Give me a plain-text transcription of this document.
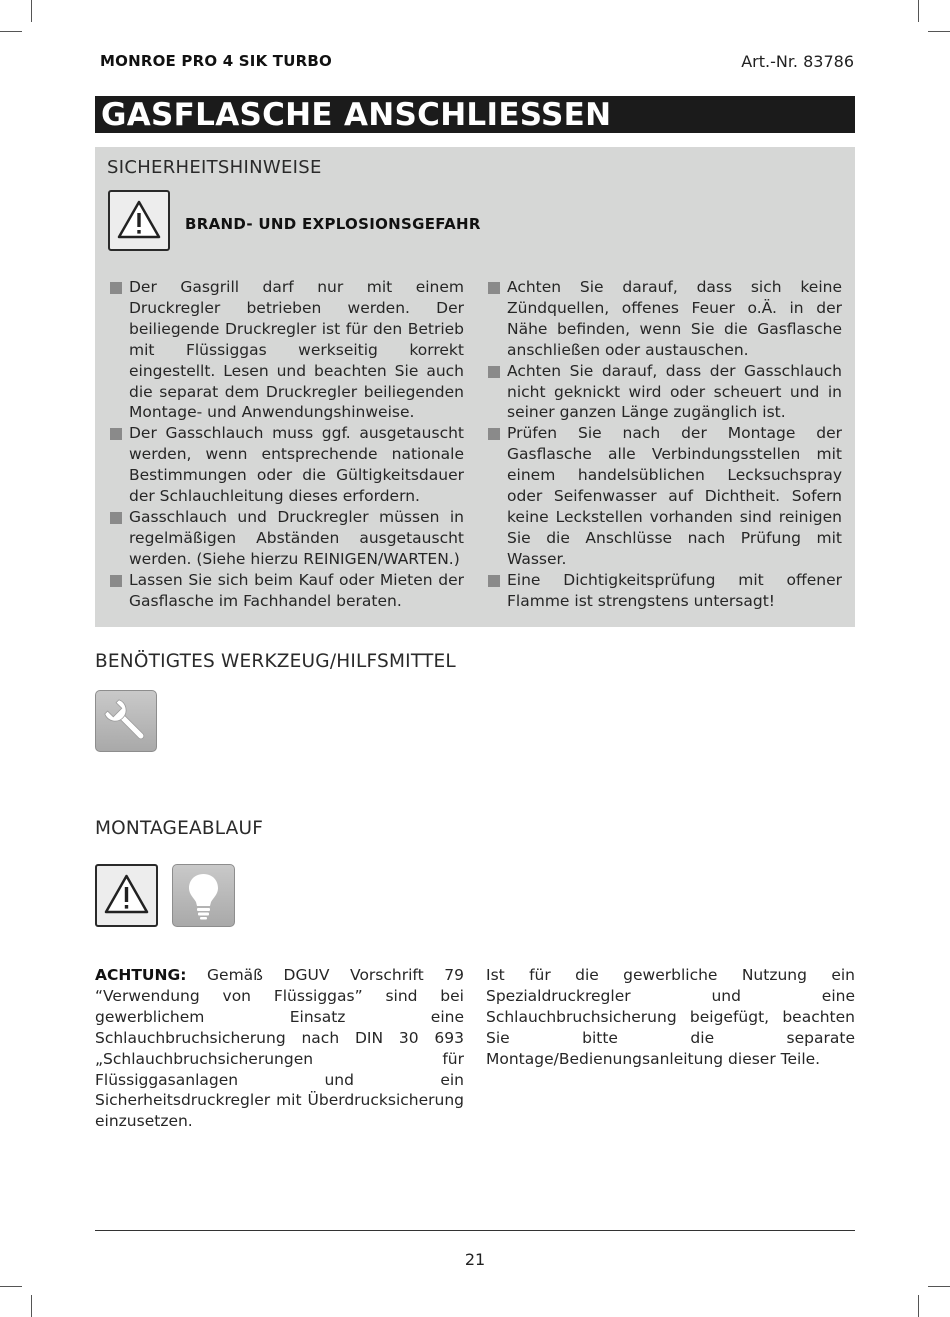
MONROE PRO 4 SIK TURBO	Art.-Nr. 83786
GASFLASCHE ANSCHLIESSEN
SICHERHEITSHINWEISE
BRAND- UND EXPLOSIONSGEFAHR
Der Gasgrill darf nur mit einem Druckregler betrieben werden. Der beiliegende Druckregler ist für den Betrieb mit Flüssiggas werkseitig korrekt eingestellt. Lesen und beachten Sie auch die separat dem Druckregler beiliegenden Montage- und Anwendungshinweise.
Der Gasschlauch muss ggf. ausgetauscht werden, wenn entsprechende nationale Bestimmungen oder die Gültigkeitsdauer der Schlauchleitung dieses erfordern.
Gasschlauch und Druckregler müssen in regelmäßigen Abständen ausgetauscht werden. (Siehe hierzu REINIGEN/WARTEN.)
Lassen Sie sich beim Kauf oder Mieten der Gasflasche im Fachhandel beraten.
Achten Sie darauf, dass sich keine Zündquellen, offenes Feuer o.Ä. in der Nähe befinden, wenn Sie die Gasflasche anschließen oder austauschen.
Achten Sie darauf, dass der Gasschlauch nicht geknickt wird oder scheuert und in seiner ganzen Länge zugänglich ist.
Prüfen Sie nach der Montage der Gasflasche alle Verbindungsstellen mit einem handelsüblichen Lecksuchspray oder Seifenwasser auf Dichtheit. Sofern keine Leckstellen vorhanden sind reinigen Sie die Anschlüsse nach Prüfung mit Wasser.
Eine Dichtigkeitsprüfung mit offener Flamme ist strengstens untersagt!
BENÖTIGTES WERKZEUG/HILFSMITTEL
MONTAGEABLAUF
ACHTUNG: Gemäß DGUV Vorschrift 79 “Verwendung von Flüssiggas” sind bei gewerblichem Einsatz eine Schlauchbruchsicherung nach DIN 30 693 „Schlauchbruchsicherungen für Flüssiggasanlagen und ein Sicherheitsdruckregler mit Überdrucksicherung einzusetzen.
Ist für die gewerbliche Nutzung ein Spezialdruckregler und eine Schlauchbruchsicherung beigefügt, beachten Sie bitte die separate Montage/Bedienungsanleitung dieser Teile.
21
